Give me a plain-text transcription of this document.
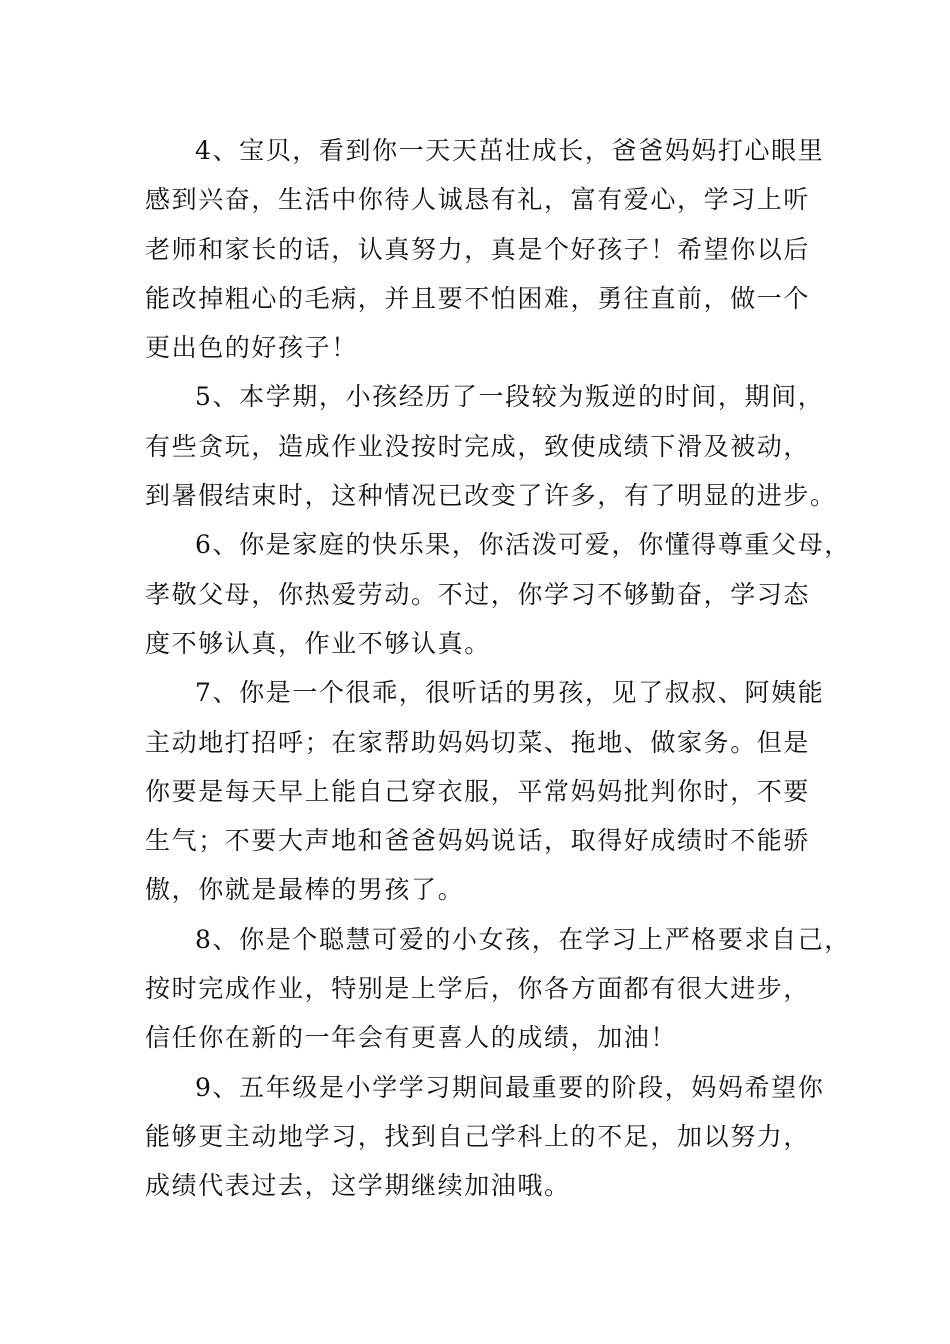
4、宝贝，看到你一天天茁壮成长，爸爸妈妈打心眼里
感到兴奋，生活中你待人诚恳有礼，富有爱心，学习上听
老师和家长的话，认真努力，真是个好孩子！希望你以后
能改掉粗心的毛病，并且要不怕困难，勇往直前，做一个
更出色的好孩子！
5、本学期，小孩经历了一段较为叛逆的时间，期间，
有些贪玩，造成作业没按时完成，致使成绩下滑及被动，
到暑假结束时，这种情况已改变了许多，有了明显的进步。
6、你是家庭的快乐果，你活泼可爱，你懂得尊重父母，
孝敬父母，你热爱劳动。不过，你学习不够勤奋，学习态
度不够认真，作业不够认真。
7、你是一个很乖，很听话的男孩，见了叔叔、阿姨能
主动地打招呼；在家帮助妈妈切菜、拖地、做家务。但是
你要是每天早上能自己穿衣服，平常妈妈批判你时，不要
生气；不要大声地和爸爸妈妈说话，取得好成绩时不能骄
傲，你就是最棒的男孩了。
8、你是个聪慧可爱的小女孩，在学习上严格要求自己，
按时完成作业，特别是上学后，你各方面都有很大进步，
信任你在新的一年会有更喜人的成绩，加油！
9、五年级是小学学习期间最重要的阶段，妈妈希望你
能够更主动地学习，找到自己学科上的不足，加以努力，
成绩代表过去，这学期继续加油哦。
